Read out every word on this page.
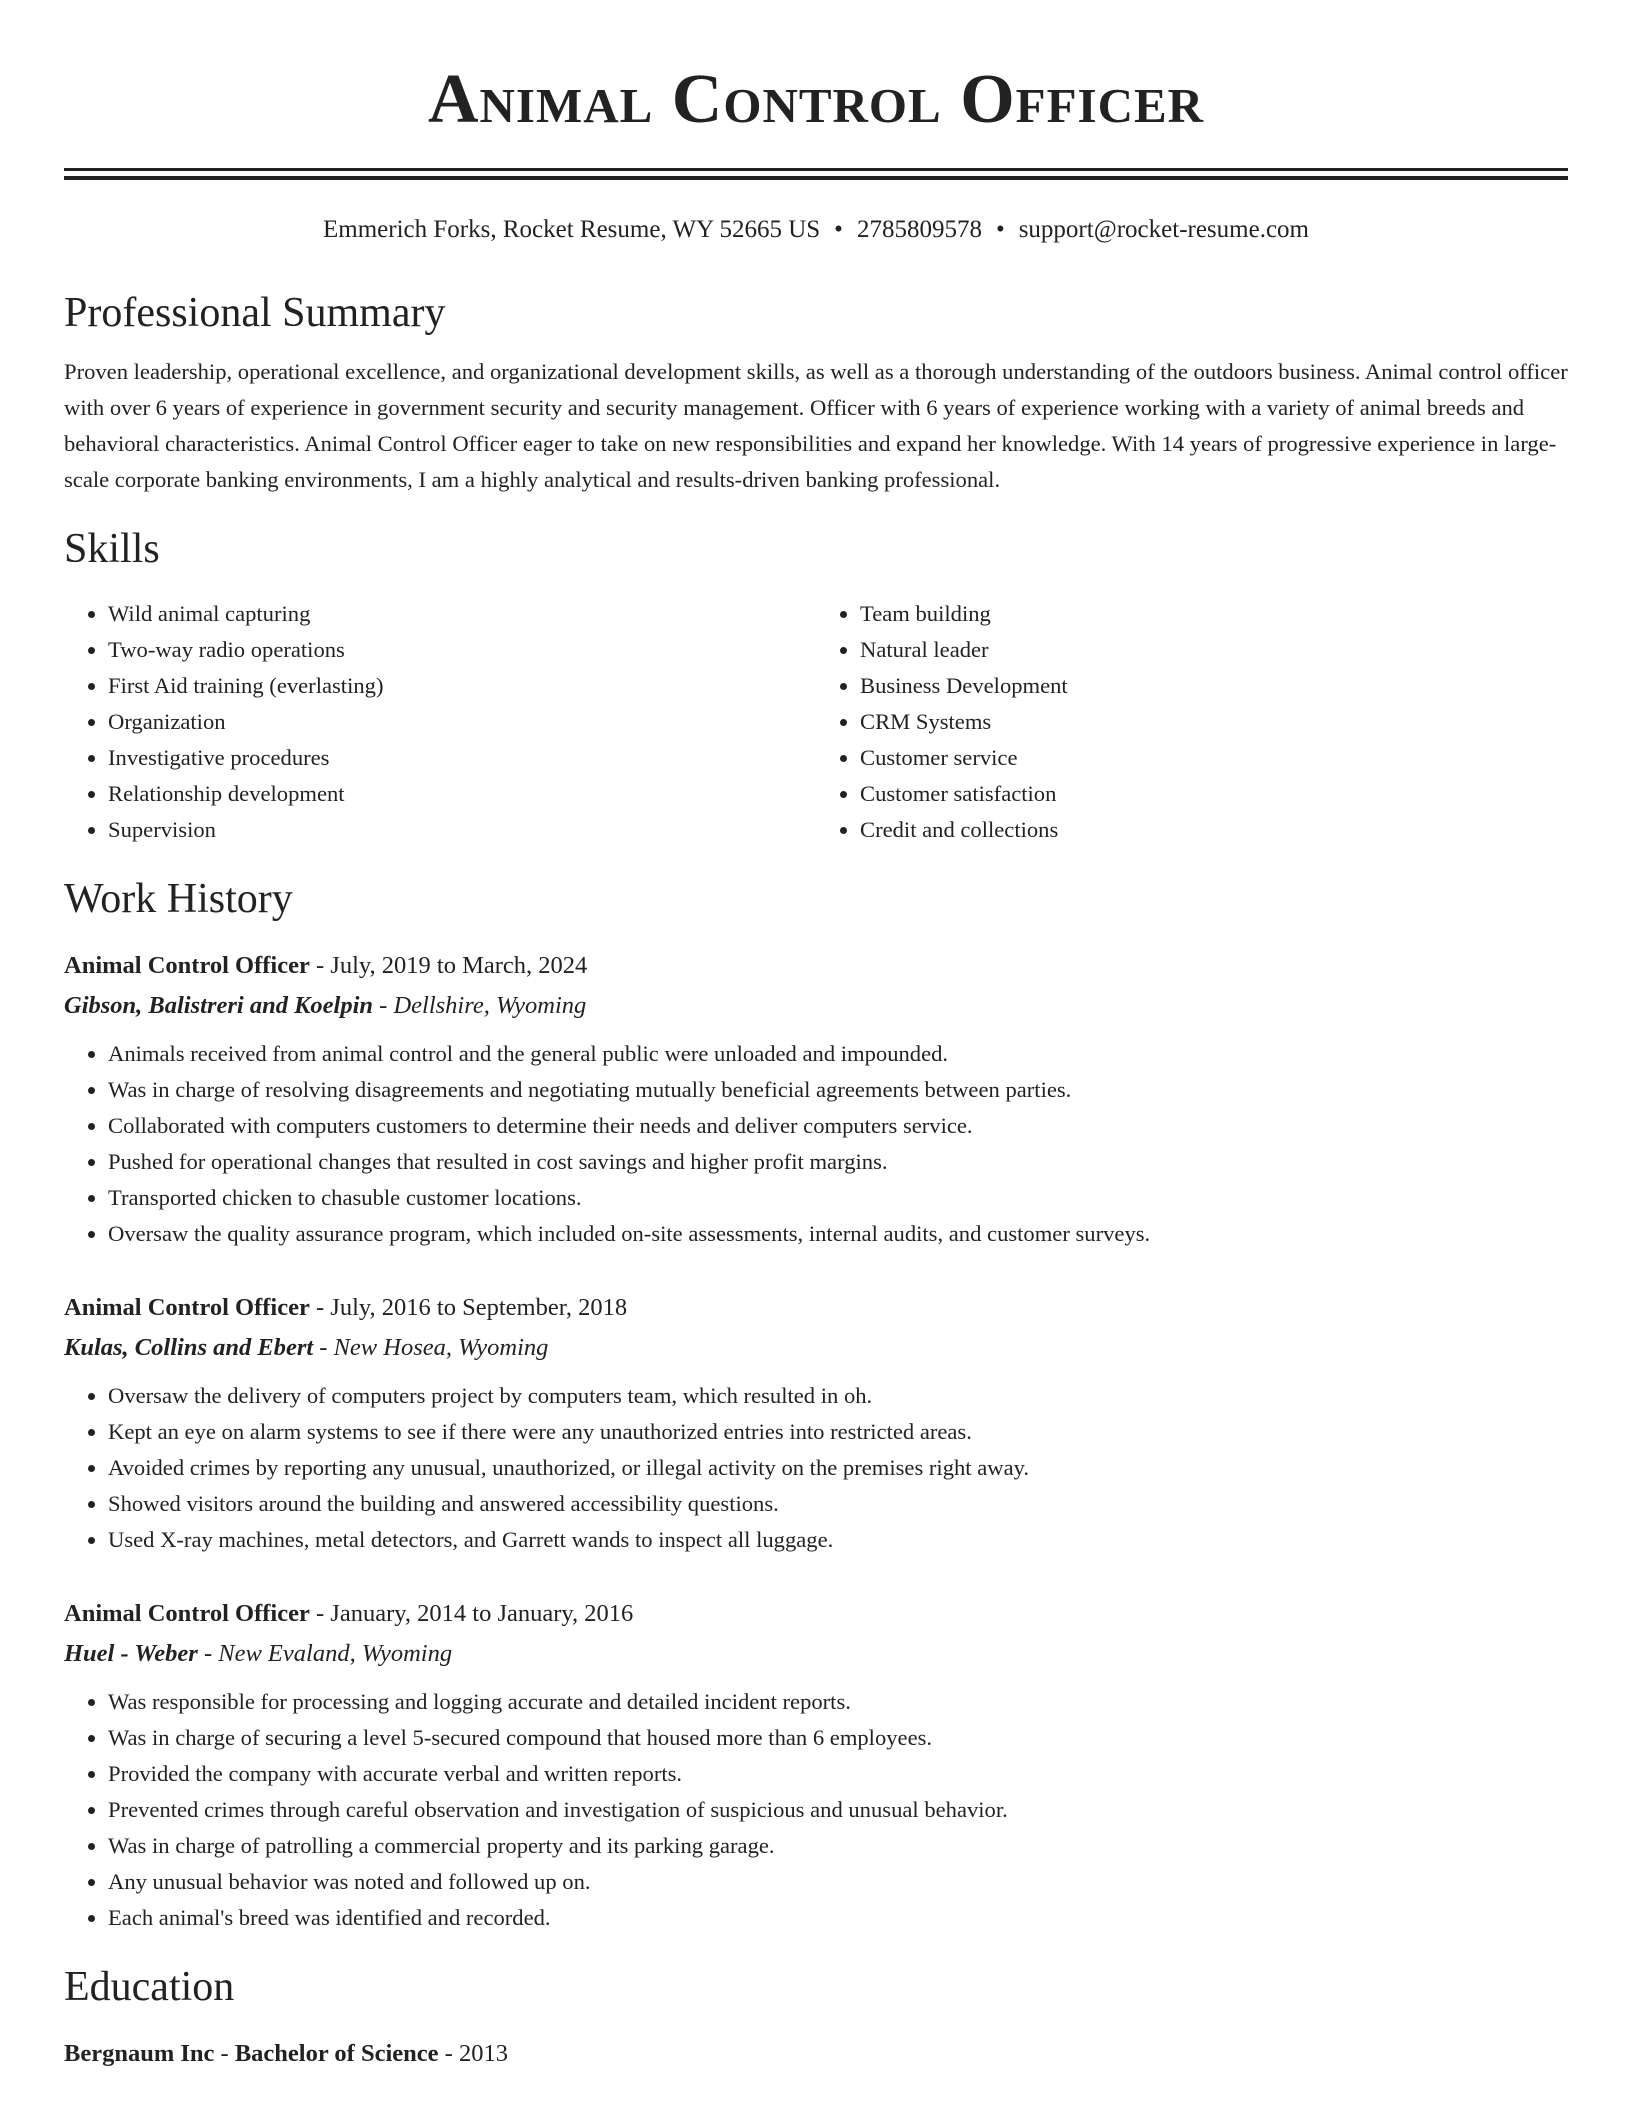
Animal Control Officer
Emmerich Forks, Rocket Resume, WY 52665 US • 2785809578 • support@rocket-resume.com
Professional Summary
Proven leadership, operational excellence, and organizational development skills, as well as a thorough understanding of the outdoors business. Animal control officer with over 6 years of experience in government security and security management. Officer with 6 years of experience working with a variety of animal breeds and behavioral characteristics. Animal Control Officer eager to take on new responsibilities and expand her knowledge. With 14 years of progressive experience in large-scale corporate banking environments, I am a highly analytical and results-driven banking professional.
Skills
• Wild animal capturing
• Two-way radio operations
• First Aid training (everlasting)
• Organization
• Investigative procedures
• Relationship development
• Supervision
• Team building
• Natural leader
• Business Development
• CRM Systems
• Customer service
• Customer satisfaction
• Credit and collections
Work History
Animal Control Officer - July, 2019 to March, 2024
Gibson, Balistreri and Koelpin - Dellshire, Wyoming
• Animals received from animal control and the general public were unloaded and impounded.
• Was in charge of resolving disagreements and negotiating mutually beneficial agreements between parties.
• Collaborated with computers customers to determine their needs and deliver computers service.
• Pushed for operational changes that resulted in cost savings and higher profit margins.
• Transported chicken to chasuble customer locations.
• Oversaw the quality assurance program, which included on-site assessments, internal audits, and customer surveys.
Animal Control Officer - July, 2016 to September, 2018
Kulas, Collins and Ebert - New Hosea, Wyoming
• Oversaw the delivery of computers project by computers team, which resulted in oh.
• Kept an eye on alarm systems to see if there were any unauthorized entries into restricted areas.
• Avoided crimes by reporting any unusual, unauthorized, or illegal activity on the premises right away.
• Showed visitors around the building and answered accessibility questions.
• Used X-ray machines, metal detectors, and Garrett wands to inspect all luggage.
Animal Control Officer - January, 2014 to January, 2016
Huel - Weber - New Evaland, Wyoming
• Was responsible for processing and logging accurate and detailed incident reports.
• Was in charge of securing a level 5-secured compound that housed more than 6 employees.
• Provided the company with accurate verbal and written reports.
• Prevented crimes through careful observation and investigation of suspicious and unusual behavior.
• Was in charge of patrolling a commercial property and its parking garage.
• Any unusual behavior was noted and followed up on.
• Each animal's breed was identified and recorded.
Education
Bergnaum Inc - Bachelor of Science - 2013
